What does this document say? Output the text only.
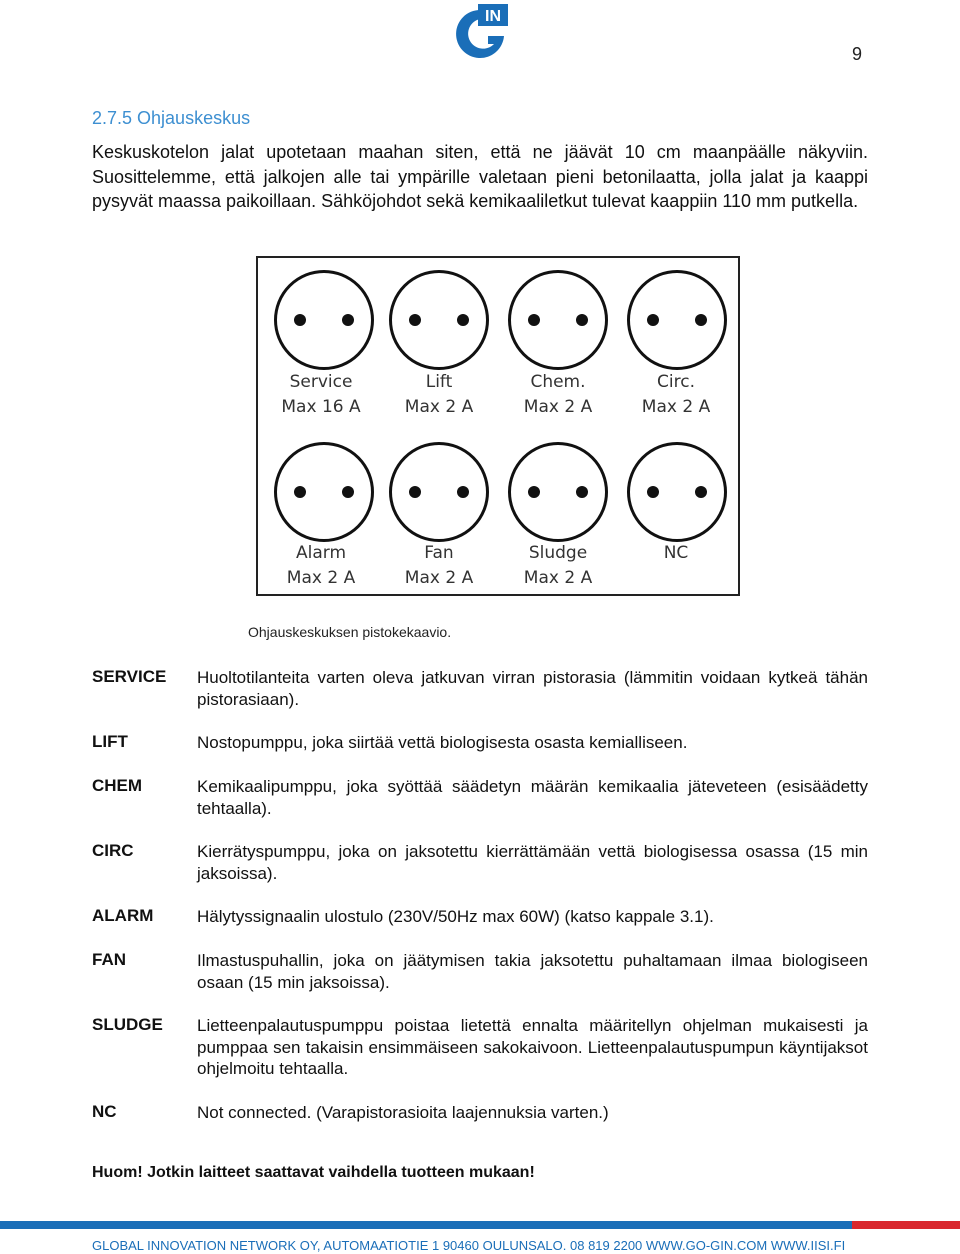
IN
9
2.7.5 Ohjauskeskus
Keskuskotelon jalat upotetaan maahan siten, että ne jäävät 10 cm maanpäälle näkyviin. Suosittelemme, että jalkojen alle tai ympärille valetaan pieni betonilaatta, jolla jalat ja kaappi pysyvät maassa paikoillaan. Sähköjohdot sekä kemikaaliletkut tulevat kaappiin 110 mm putkella.
Service
Max 16 A
Lift
Max 2 A
Chem.
Max 2 A
Circ.
Max 2 A
Alarm
Max 2 A
Fan
Max 2 A
Sludge
Max 2 A
NC
Ohjauskeskuksen pistokekaavio.
SERVICE Huoltotilanteita varten oleva jatkuvan virran pistorasia (lämmitin voidaan kytkeä tähän pistorasiaan).
LIFT	Nostopumppu, joka siirtää vettä biologisesta osasta kemialliseen.
CHEM	Kemikaalipumppu, joka syöttää säädetyn määrän kemikaalia jäteveteen (esisäädetty tehtaalla).
CIRC	Kierrätyspumppu, joka on jaksotettu kierrättämään vettä biologisessa osassa (15 min jaksoissa).
ALARM	Hälytyssignaalin ulostulo (230V/50Hz max 60W) (katso kappale 3.1).
FAN	Ilmastuspuhallin, joka on jäätymisen takia jaksotettu puhaltamaan ilmaa biologiseen osaan (15 min jaksoissa).
SLUDGE Lietteenpalautuspumppu poistaa lietettä ennalta määritellyn ohjelman mukaisesti ja pumppaa sen takaisin ensimmäiseen sakokaivoon. Lietteenpalautuspumpun käyntijaksot ohjelmoitu tehtaalla.
NC	Not connected. (Varapistorasioita laajennuksia varten.)
Huom! Jotkin laitteet saattavat vaihdella tuotteen mukaan!
GLOBAL INNOVATION NETWORK OY, AUTOMAATIOTIE 1 90460 OULUNSALO. 08 819 2200 WWW.GO-GIN.COM WWW.IISI.FI
